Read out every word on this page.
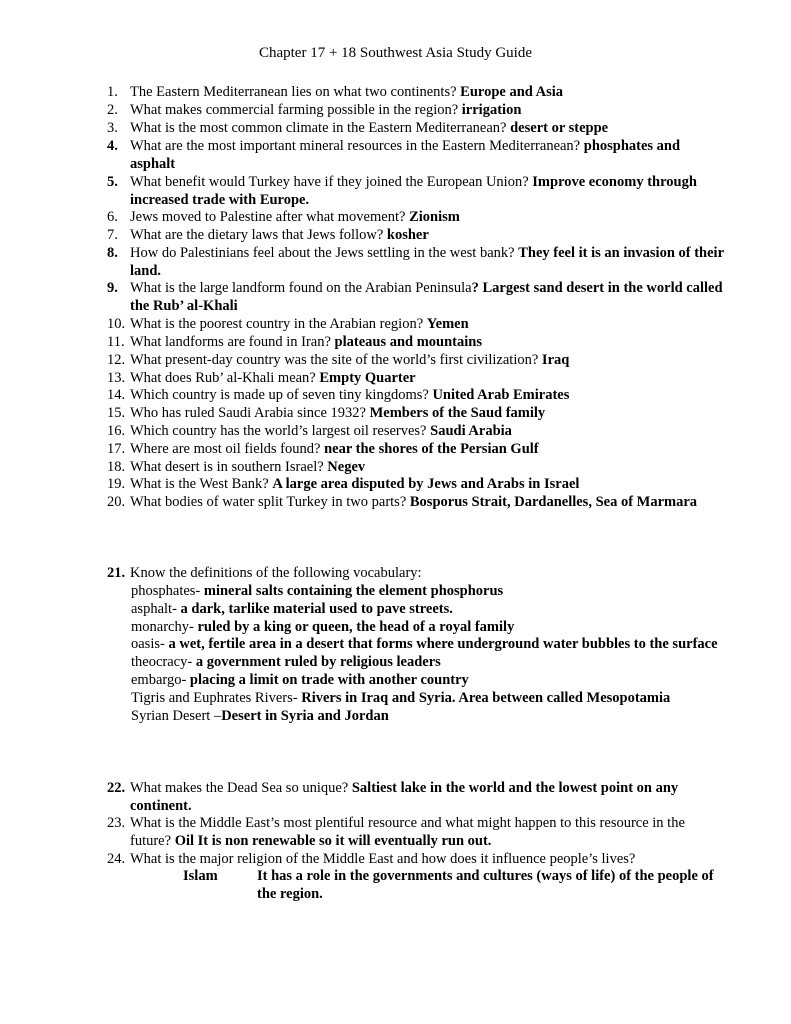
Chapter 17 + 18 Southwest Asia Study Guide
1. The Eastern Mediterranean lies on what two continents? Europe and Asia
2. What makes commercial farming possible in the region? irrigation
3. What is the most common climate in the Eastern Mediterranean? desert or steppe
4. What are the most important mineral resources in the Eastern Mediterranean? phosphates and asphalt
5. What benefit would Turkey have if they joined the European Union? Improve economy through increased trade with Europe.
6. Jews moved to Palestine after what movement? Zionism
7. What are the dietary laws that Jews follow? kosher
8. How do Palestinians feel about the Jews settling in the west bank? They feel it is an invasion of their land.
9. What is the large landform found on the Arabian Peninsula? Largest sand desert in the world called the Rub’ al-Khali
10. What is the poorest country in the Arabian region? Yemen
11. What landforms are found in Iran? plateaus and mountains
12. What present-day country was the site of the world’s first civilization? Iraq
13. What does Rub’ al-Khali mean? Empty Quarter
14. Which country is made up of seven tiny kingdoms? United Arab Emirates
15. Who has ruled Saudi Arabia since 1932? Members of the Saud family
16. Which country has the world’s largest oil reserves? Saudi Arabia
17. Where are most oil fields found? near the shores of the Persian Gulf
18. What desert is in southern Israel? Negev
19. What is the West Bank? A large area disputed by Jews and Arabs in Israel
20. What bodies of water split Turkey in two parts? Bosporus Strait, Dardanelles, Sea of Marmara
21. Know the definitions of the following vocabulary:
22. What makes the Dead Sea so unique? Saltiest lake in the world and the lowest point on any continent.
23. What is the Middle East’s most plentiful resource and what might happen to this resource in the future? Oil It is non renewable so it will eventually run out.
24. What is the major religion of the Middle East and how does it influence people’s lives?
phosphates- mineral salts containing the element phosphorus
asphalt- a dark, tarlike material used to pave streets.
monarchy- ruled by a king or queen, the head of a royal family
oasis- a wet, fertile area in a desert that forms where underground water bubbles to the surface
theocracy- a government ruled by religious leaders
embargo- placing a limit on trade with another country
Tigris and Euphrates Rivers- Rivers in Iraq and Syria. Area between called Mesopotamia
Syrian Desert –Desert in Syria and Jordan
Islam	It has a role in the governments and cultures (ways of life) of the people of the region.
